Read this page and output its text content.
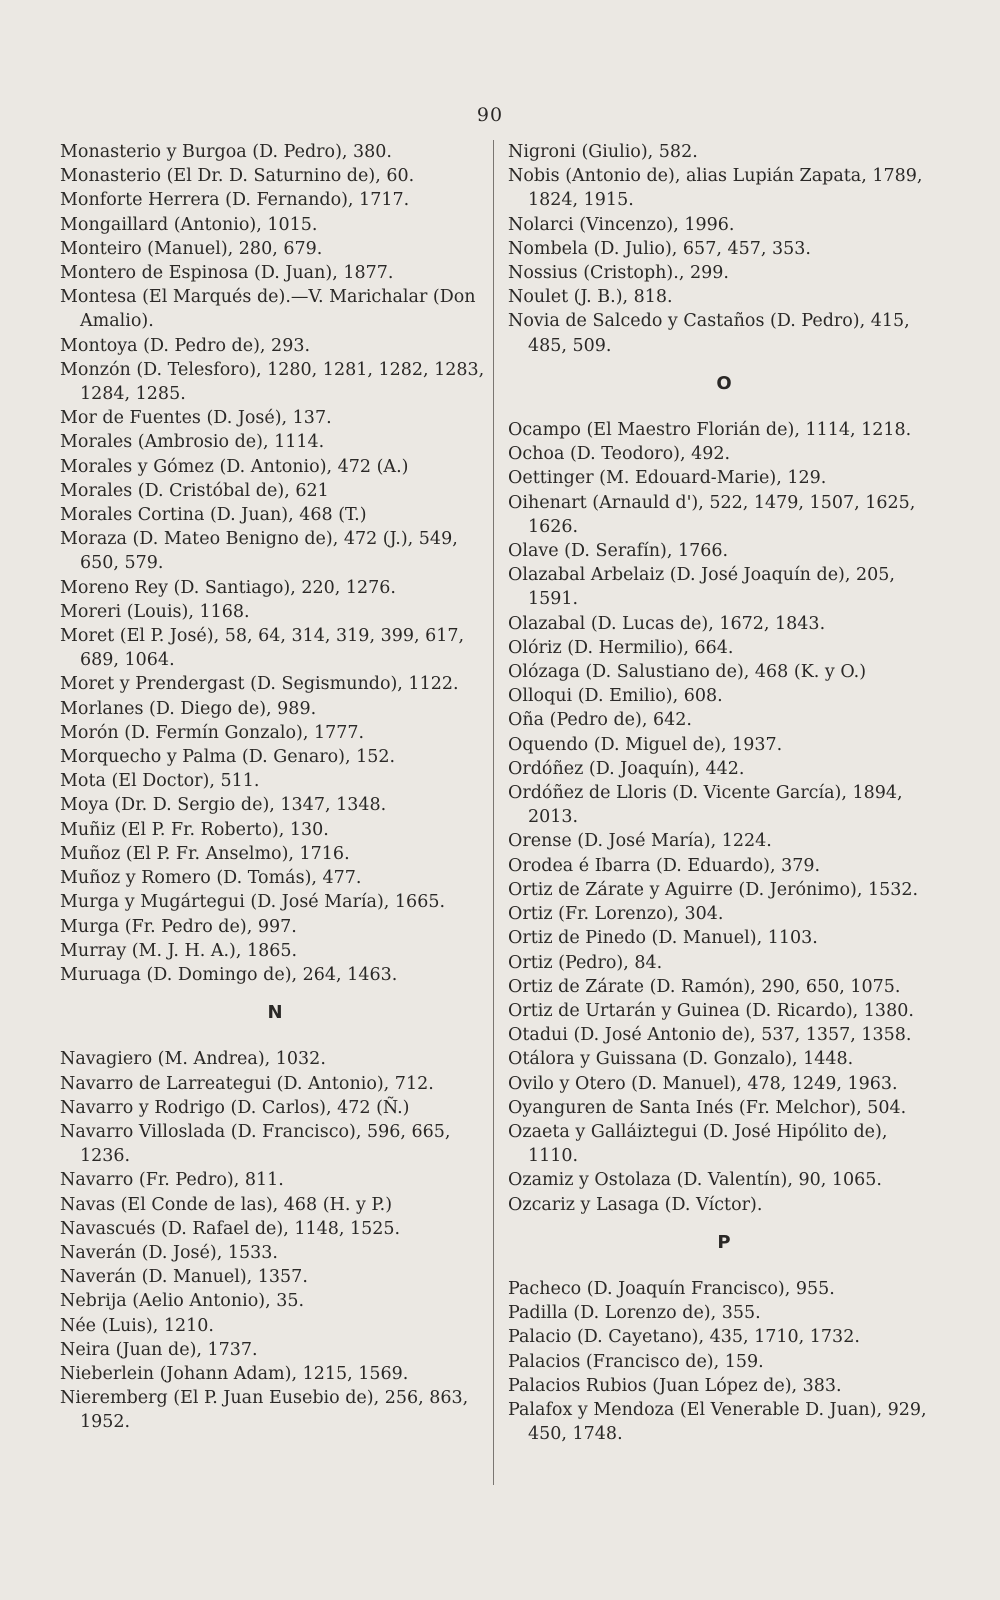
90

Monasterio y Burgoa (D. Pedro), 380.

Monasterio (El Dr. D. Saturnino de), 60.

Monforte Herrera (D. Fernando), 1717.

Mongaillard (Antonio), 1015.

Monteiro (Manuel), 280, 679.

Montero de Espinosa (D. Juan), 1877.

Montesa (El Marqués de).—V. Marichalar (Don Amalio).

Montoya (D. Pedro de), 293.

Monzón (D. Telesforo), 1280, 1281, 1282, 1283, 1284, 1285.

Mor de Fuentes (D. José), 137.

Morales (Ambrosio de), 1114.

Morales y Gómez (D. Antonio), 472 (A.)

Morales (D. Cristóbal de), 621

Morales Cortina (D. Juan), 468 (T.)

Moraza (D. Mateo Benigno de), 472 (J.), 549, 650, 579.

Moreno Rey (D. Santiago), 220, 1276.

Moreri (Louis), 1168.

Moret (El P. José), 58, 64, 314, 319, 399, 617, 689, 1064.

Moret y Prendergast (D. Segismundo), 1122.

Morlanes (D. Diego de), 989.

Morón (D. Fermín Gonzalo), 1777.

Morquecho y Palma (D. Genaro), 152.

Mota (El Doctor), 511.

Moya (Dr. D. Sergio de), 1347, 1348.

Muñiz (El P. Fr. Roberto), 130.

Muñoz (El P. Fr. Anselmo), 1716.

Muñoz y Romero (D. Tomás), 477.

Murga y Mugártegui (D. José María), 1665.

Murga (Fr. Pedro de), 997.

Murray (M. J. H. A.), 1865.

Muruaga (D. Domingo de), 264, 1463.

N

Navagiero (M. Andrea), 1032.

Navarro de Larreategui (D. Antonio), 712.

Navarro y Rodrigo (D. Carlos), 472 (Ñ.)

Navarro Villoslada (D. Francisco), 596, 665, 1236.

Navarro (Fr. Pedro), 811.

Navas (El Conde de las), 468 (H. y P.)

Navascués (D. Rafael de), 1148, 1525.

Naverán (D. José), 1533.

Naverán (D. Manuel), 1357.

Nebrija (Aelio Antonio), 35.

Née (Luis), 1210.

Neira (Juan de), 1737.

Nieberlein (Johann Adam), 1215, 1569.

Nieremberg (El P. Juan Eusebio de), 256, 863, 1952.

Nigroni (Giulio), 582.

Nobis (Antonio de), alias Lupián Zapata, 1789, 1824, 1915.

Nolarci (Vincenzo), 1996.

Nombela (D. Julio), 657, 457, 353.

Nossius (Cristoph)., 299.

Noulet (J. B.), 818.

Novia de Salcedo y Castaños (D. Pedro), 415, 485, 509.

O

Ocampo (El Maestro Florián de), 1114, 1218.

Ochoa (D. Teodoro), 492.

Oettinger (M. Edouard-Marie), 129.

Oihenart (Arnauld d'), 522, 1479, 1507, 1625, 1626.

Olave (D. Serafín), 1766.

Olazabal Arbelaiz (D. José Joaquín de), 205, 1591.

Olazabal (D. Lucas de), 1672, 1843.

Olóriz (D. Hermilio), 664.

Olózaga (D. Salustiano de), 468 (K. y O.)

Olloqui (D. Emilio), 608.

Oña (Pedro de), 642.

Oquendo (D. Miguel de), 1937.

Ordóñez (D. Joaquín), 442.

Ordóñez de Lloris (D. Vicente García), 1894, 2013.

Orense (D. José María), 1224.

Orodea é Ibarra (D. Eduardo), 379.

Ortiz de Zárate y Aguirre (D. Jerónimo), 1532.

Ortiz (Fr. Lorenzo), 304.

Ortiz de Pinedo (D. Manuel), 1103.

Ortiz (Pedro), 84.

Ortiz de Zárate (D. Ramón), 290, 650, 1075.

Ortiz de Urtarán y Guinea (D. Ricardo), 1380.

Otadui (D. José Antonio de), 537, 1357, 1358.

Otálora y Guissana (D. Gonzalo), 1448.

Ovilo y Otero (D. Manuel), 478, 1249, 1963.

Oyanguren de Santa Inés (Fr. Melchor), 504.

Ozaeta y Galláiztegui (D. José Hipólito de), 1110.

Ozamiz y Ostolaza (D. Valentín), 90, 1065.

Ozcariz y Lasaga (D. Víctor).

P

Pacheco (D. Joaquín Francisco), 955.

Padilla (D. Lorenzo de), 355.

Palacio (D. Cayetano), 435, 1710, 1732.

Palacios (Francisco de), 159.

Palacios Rubios (Juan López de), 383.

Palafox y Mendoza (El Venerable D. Juan), 929, 450, 1748.
